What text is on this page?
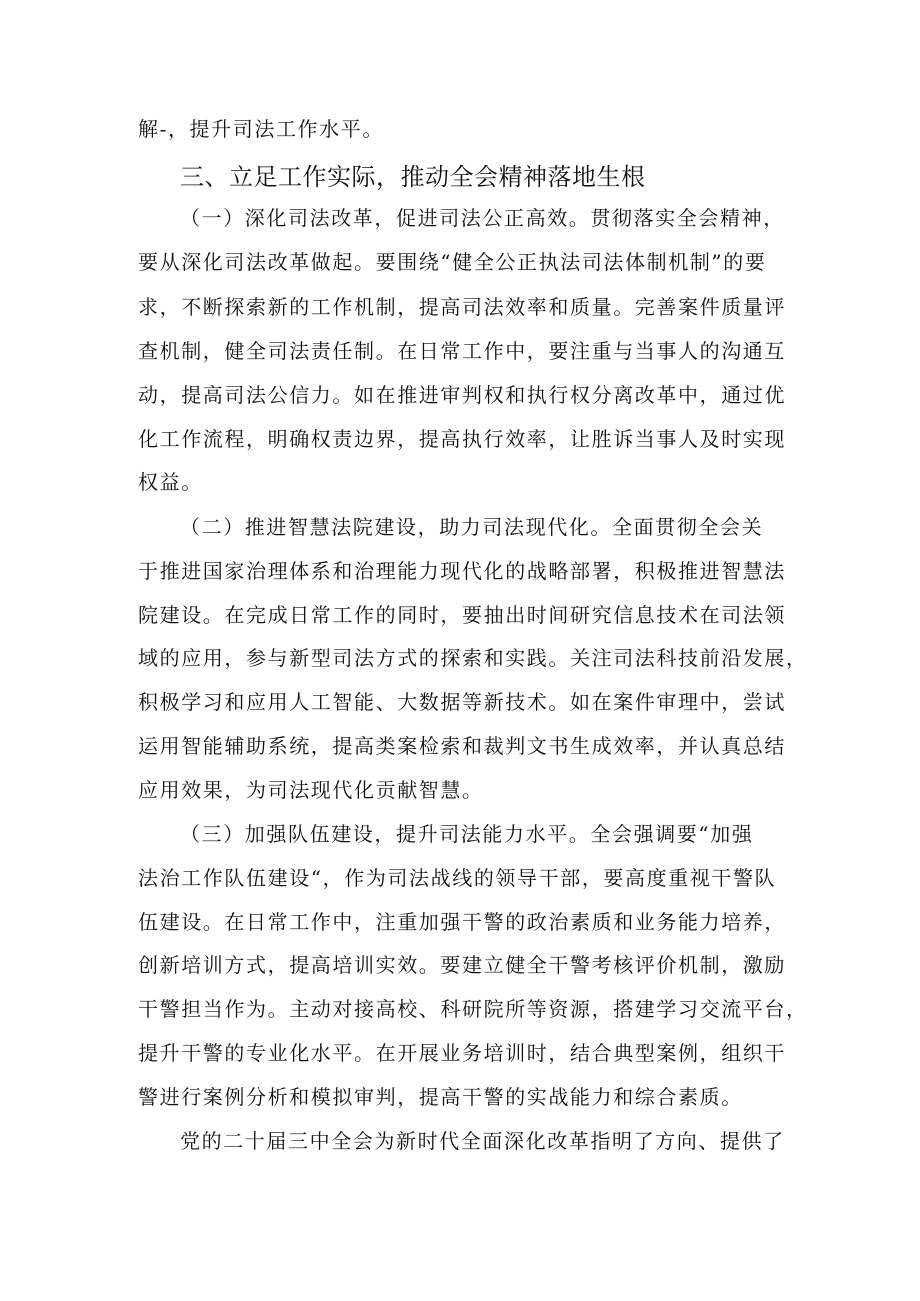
解-，提升司法工作水平。
三、立足工作实际，推动全会精神落地生根
（一）深化司法改革，促进司法公正高效。贯彻落实全会精神，
要从深化司法改革做起。要围绕“健全公正执法司法体制机制”的要
求，不断探索新的工作机制，提高司法效率和质量。完善案件质量评
查机制，健全司法责任制。在日常工作中，要注重与当事人的沟通互
动，提高司法公信力。如在推进审判权和执行权分离改革中，通过优
化工作流程，明确权责边界，提高执行效率，让胜诉当事人及时实现
权益。
（二）推进智慧法院建设，助力司法现代化。全面贯彻全会关
于推进国家治理体系和治理能力现代化的战略部署，积极推进智慧法
院建设。在完成日常工作的同时，要抽出时间研究信息技术在司法领
域的应用，参与新型司法方式的探索和实践。关注司法科技前沿发展，
积极学习和应用人工智能、大数据等新技术。如在案件审理中，尝试
运用智能辅助系统，提高类案检索和裁判文书生成效率，并认真总结
应用效果，为司法现代化贡献智慧。
（三）加强队伍建设，提升司法能力水平。全会强调要“加强
法治工作队伍建设“，作为司法战线的领导干部，要高度重视干警队
伍建设。在日常工作中，注重加强干警的政治素质和业务能力培养，
创新培训方式，提高培训实效。要建立健全干警考核评价机制，激励
干警担当作为。主动对接高校、科研院所等资源，搭建学习交流平台，
提升干警的专业化水平。在开展业务培训时，结合典型案例，组织干
警进行案例分析和模拟审判，提高干警的实战能力和综合素质。
党的二十届三中全会为新时代全面深化改革指明了方向、提供了
